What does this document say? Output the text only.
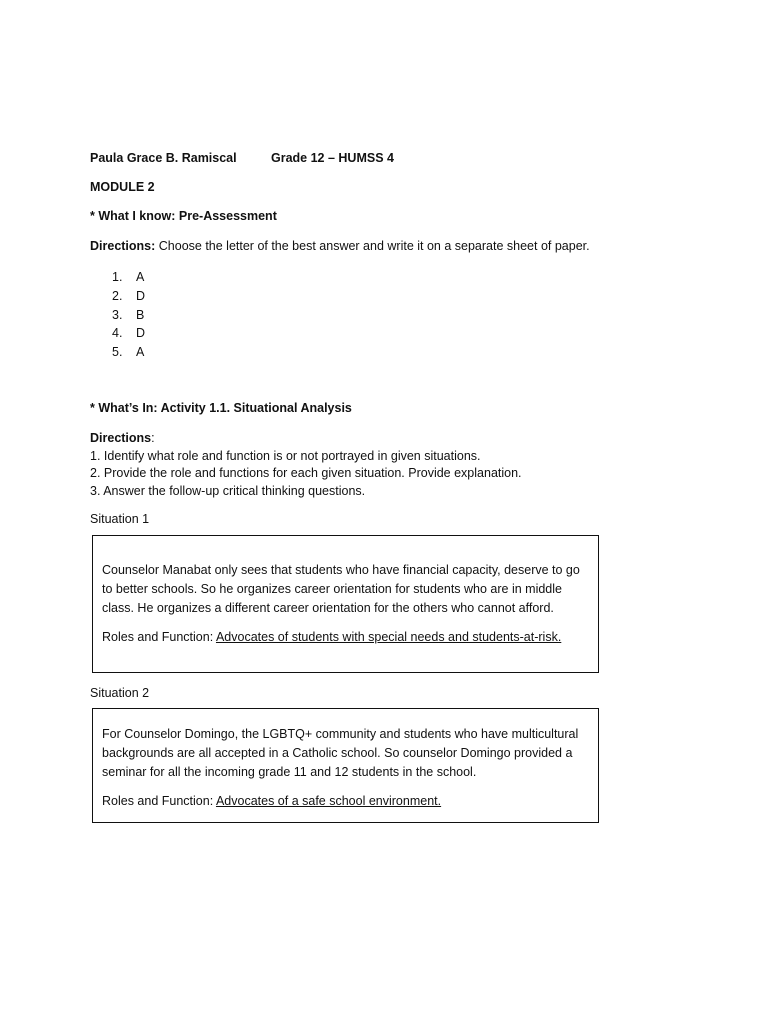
Paula Grace B. Ramiscal	Grade 12 – HUMSS 4
MODULE 2
* What I know: Pre-Assessment
Directions: Choose the letter of the best answer and write it on a separate sheet of paper.
1.	A
2.	D
3.	B
4.	D
5.	A
* What’s In: Activity 1.1. Situational Analysis
Directions:
1. Identify what role and function is or not portrayed in given situations.
2. Provide the role and functions for each given situation. Provide explanation.
3. Answer the follow-up critical thinking questions.
Situation 1
Counselor Manabat only sees that students who have financial capacity, deserve to go to better schools. So he organizes career orientation for students who are in middle class. He organizes a different career orientation for the others who cannot afford.
Roles and Function: Advocates of students with special needs and students-at-risk.
Situation 2
For Counselor Domingo, the LGBTQ+ community and students who have multicultural backgrounds are all accepted in a Catholic school. So counselor Domingo provided a seminar for all the incoming grade 11 and 12 students in the school.
Roles and Function: Advocates of a safe school environment.
